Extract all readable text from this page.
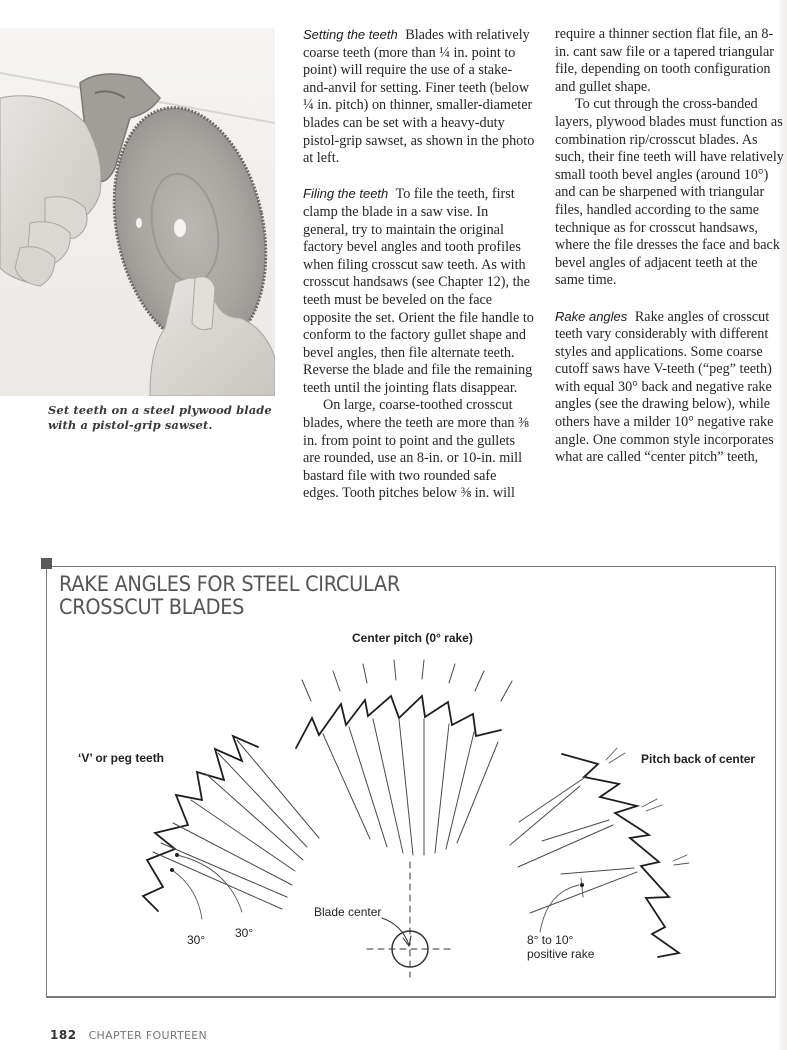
Set teeth on a steel plywood blade with a pistol-grip sawset.

Setting the teeth Blades with relatively coarse teeth (more than ¼ in. point to point) will require the use of a stake-and-anvil for setting. Finer teeth (below ¼ in. pitch) on thinner, smaller-diameter blades can be set with a heavy-duty pistol-grip sawset, as shown in the photo at left.

Filing the teeth To file the teeth, first clamp the blade in a saw vise. In general, try to maintain the original factory bevel angles and tooth profiles when filing crosscut saw teeth. As with crosscut handsaws (see Chapter 12), the teeth must be beveled on the face opposite the set. Orient the file handle to conform to the factory gullet shape and bevel angles, then file alternate teeth. Reverse the blade and file the remaining teeth until the jointing flats disappear.

On large, coarse-toothed crosscut blades, where the teeth are more than ⅜ in. from point to point and the gullets are rounded, use an 8-in. or 10-in. mill bastard file with two rounded safe edges. Tooth pitches below ⅜ in. will

require a thinner section flat file, an 8-in. cant saw file or a tapered triangular file, depending on tooth configuration and gullet shape.

To cut through the cross-banded layers, plywood blades must function as combination rip/crosscut blades. As such, their fine teeth will have relatively small tooth bevel angles (around 10°) and can be sharpened with triangular files, handled according to the same technique as for crosscut handsaws, where the file dresses the face and back bevel angles of adjacent teeth at the same time.

Rake angles Rake angles of crosscut teeth vary considerably with different styles and applications. Some coarse cutoff saws have V-teeth (“peg” teeth) with equal 30° back and negative rake angles (see the drawing below), while others have a milder 10° negative rake angle. One common style incorporates what are called “center pitch” teeth,

RAKE ANGLES FOR STEEL CIRCULAR
CROSSCUT BLADES
Center pitch (0° rake)
‘V’ or peg teeth	Pitch back of center
Blade center
30° 30°	8° to 10°
positive rake
182 CHAPTER FOURTEEN
